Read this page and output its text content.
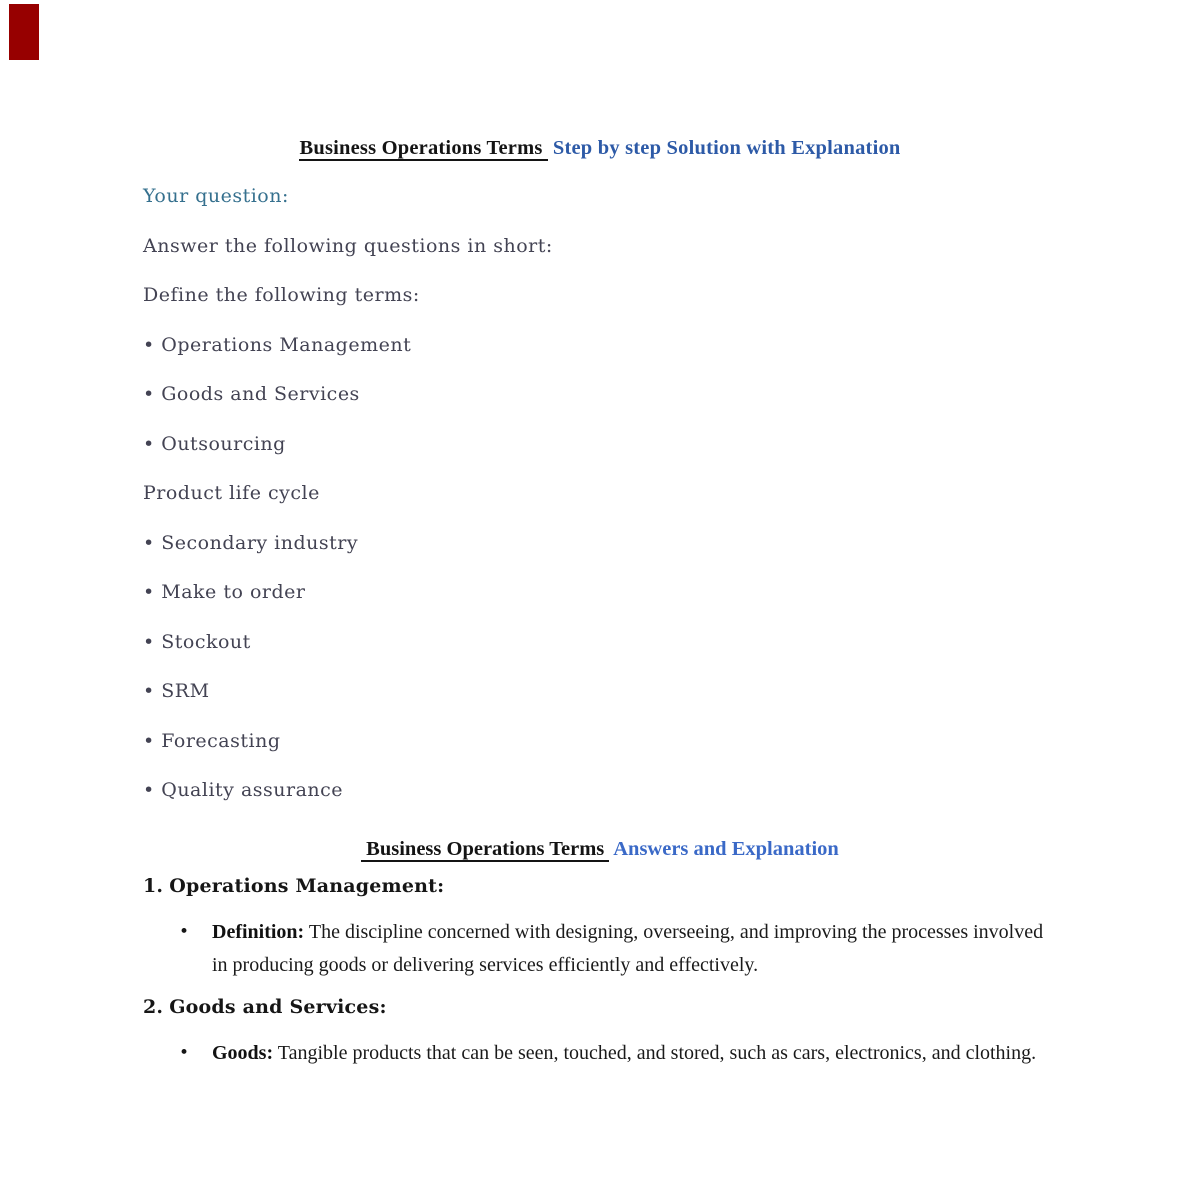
Business Operations Terms Step by step Solution with Explanation

Your question:

Answer the following questions in short:

Define the following terms:

• Operations Management

• Goods and Services

• Outsourcing

Product life cycle

• Secondary industry

• Make to order

• Stockout

• SRM

• Forecasting

• Quality assurance

Business Operations Terms Answers and Explanation

1. Operations Management:

•	Definition: The discipline concerned with designing, overseeing, and improving the processes involved in producing goods or delivering services efficiently and effectively.

2. Goods and Services:

•	Goods: Tangible products that can be seen, touched, and stored, such as cars, electronics, and clothing.
